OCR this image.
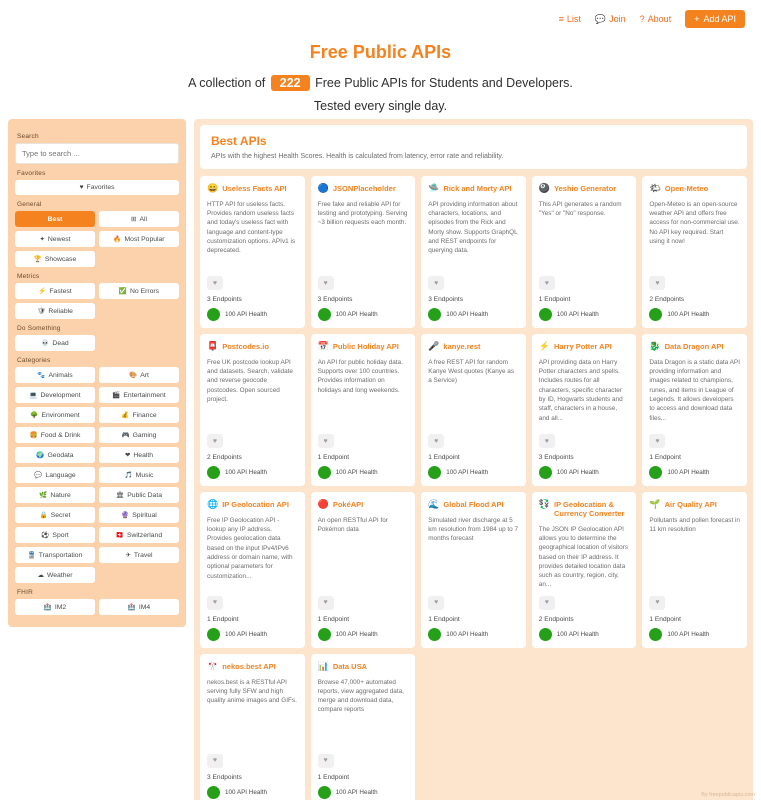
≡ List 💬 Join ? About	+ Add API
Free Public APIs
A collection of 222 Free Public APIs for Students and Developers.
Tested every single day.
Search
Type to search ...
Favorites
♥ Favorites
General
Best	⊞ All
✦ Newest	🔥 Most Popular
🏆 Showcase
Metrics
⚡ Fastest	✅ No Errors
🛡 Reliable
Do Something
💀 Dead
Categories
🐾 Animals	🎨 Art
💻 Development	🎬 Entertainment
🌳 Environment	💰 Finance
🍔 Food & Drink	🎮 Gaming
🌍 Geodata	❤ Health
💬 Language	🎵 Music
🌿 Nature	🏛 Public Data
🔒 Secret	🔮 Spiritual
⚽ Sport	🇨🇭 Switzerland
🚆 Transportation	✈ Travel
☁ Weather
FHIR
🏥 IM2	🏥 IM4
Best APIs

APIs with the highest Health Scores. Health is calculated from latency, error rate and reliability.

😄 Useless Facts API
HTTP API for useless facts. Provides random useless facts and today's useless fact with language and content-type customization options. APIv1 is deprecated.
♥
3 Endpoints
100 API Health
🔵 JSONPlaceholder
Free fake and reliable API for testing and prototyping. Serving ~3 billion requests each month.
♥
3 Endpoints
100 API Health
🛸 Rick and Morty API
API providing information about characters, locations, and episodes from the Rick and Morty show. Supports GraphQL and REST endpoints for querying data.
♥
3 Endpoints
100 API Health
🎱 Yeshio Generator
This API generates a random "Yes" or "No" response.
♥
1 Endpoint
100 API Health
🌤 Open-Meteo
Open-Meteo is an open-source weather API and offers free access for non-commercial use. No API key required. Start using it now!
♥
2 Endpoints
100 API Health
📮 Postcodes.io
Free UK postcode lookup API and datasets. Search, validate and reverse geocode postcodes. Open sourced project.
♥
2 Endpoints
100 API Health
📅 Public Holiday API
An API for public holiday data. Supports over 100 countries. Provides information on holidays and long weekends.
♥
1 Endpoint
100 API Health
🎤 kanye.rest
A free REST API for random Kanye West quotes (Kanye as a Service)
♥
1 Endpoint
100 API Health
⚡ Harry Potter API
API providing data on Harry Potter characters and spells. Includes routes for all characters, specific character by ID, Hogwarts students and staff, characters in a house, and all...
♥
3 Endpoints
100 API Health
🐉 Data Dragon API
Data Dragon is a static data API providing information and images related to champions, runes, and items in League of Legends. It allows developers to access and download data files...
♥
1 Endpoint
100 API Health
🌐 IP Geolocation API
Free IP Geolocation API - lookup any IP address. Provides geolocation data based on the input IPv4/IPv6 address or domain name, with optional parameters for customization...
♥
1 Endpoint
100 API Health
🔴 PokéAPI
An open RESTful API for Pokémon data
♥
1 Endpoint
100 API Health
🌊 Global Flood API
Simulated river discharge at 5 km resolution from 1984 up to 7 months forecast
♥
1 Endpoint
100 API Health
💱 IP Geolocation & Currency Converter
The JSON IP Geolocation API allows you to determine the geographical location of visitors based on their IP address. It provides detailed location data such as country, region, city, an...
♥
2 Endpoints
100 API Health
🌱 Air Quality API
Pollutants and pollen forecast in 11 km resolution
♥
1 Endpoint
100 API Health
🎌 nekos.best API
nekos.best is a RESTful API serving fully SFW and high quality anime images and GIFs.
♥
3 Endpoints
100 API Health
📊 Data USA
Browse 47,000+ automated reports, view aggregated data, merge and download data, compare reports
♥
1 Endpoint
100 API Health	By freepublicapis.com
